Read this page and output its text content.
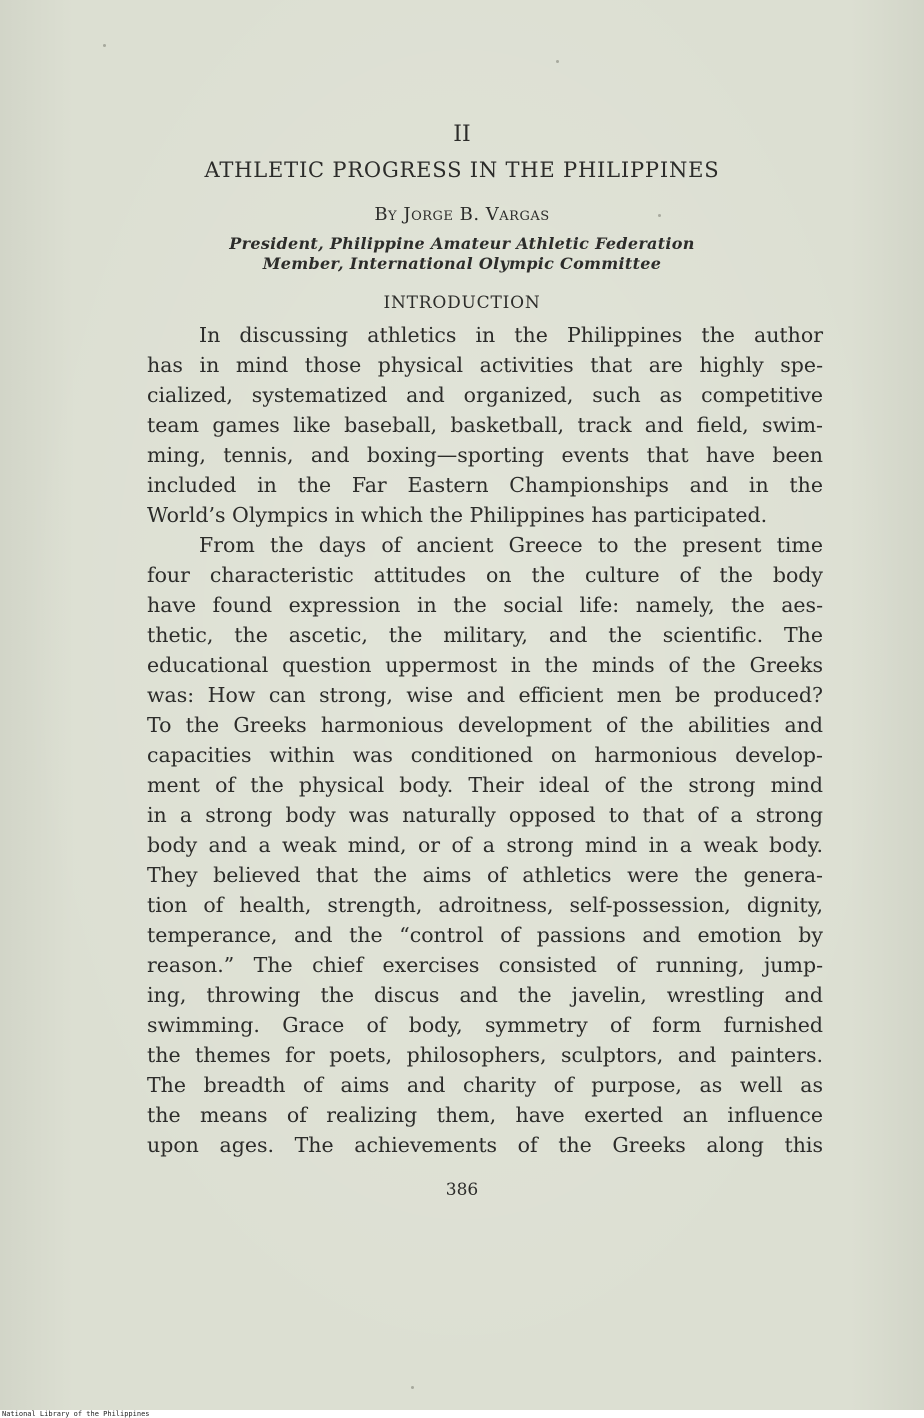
II
ATHLETIC PROGRESS IN THE PHILIPPINES
By Jorge B. Vargas
President, Philippine Amateur Athletic Federation
Member, International Olympic Committee
INTRODUCTION
In discussing athletics in the Philippines the author
has in mind those physical activities that are highly spe-
cialized, systematized and organized, such as competitive
team games like baseball, basketball, track and field, swim-
ming, tennis, and boxing—sporting events that have been
included in the Far Eastern Championships and in the
World’s Olympics in which the Philippines has participated.
From the days of ancient Greece to the present time
four characteristic attitudes on the culture of the body
have found expression in the social life: namely, the aes-
thetic, the ascetic, the military, and the scientific. The
educational question uppermost in the minds of the Greeks
was: How can strong, wise and efficient men be produced?
To the Greeks harmonious development of the abilities and
capacities within was conditioned on harmonious develop-
ment of the physical body. Their ideal of the strong mind
in a strong body was naturally opposed to that of a strong
body and a weak mind, or of a strong mind in a weak body.
They believed that the aims of athletics were the genera-
tion of health, strength, adroitness, self-possession, dignity,
temperance, and the “control of passions and emotion by
reason.” The chief exercises consisted of running, jump-
ing, throwing the discus and the javelin, wrestling and
swimming. Grace of body, symmetry of form furnished
the themes for poets, philosophers, sculptors, and painters.
The breadth of aims and charity of purpose, as well as
the means of realizing them, have exerted an influence
upon ages. The achievements of the Greeks along this
386
National Library of the Philippines
